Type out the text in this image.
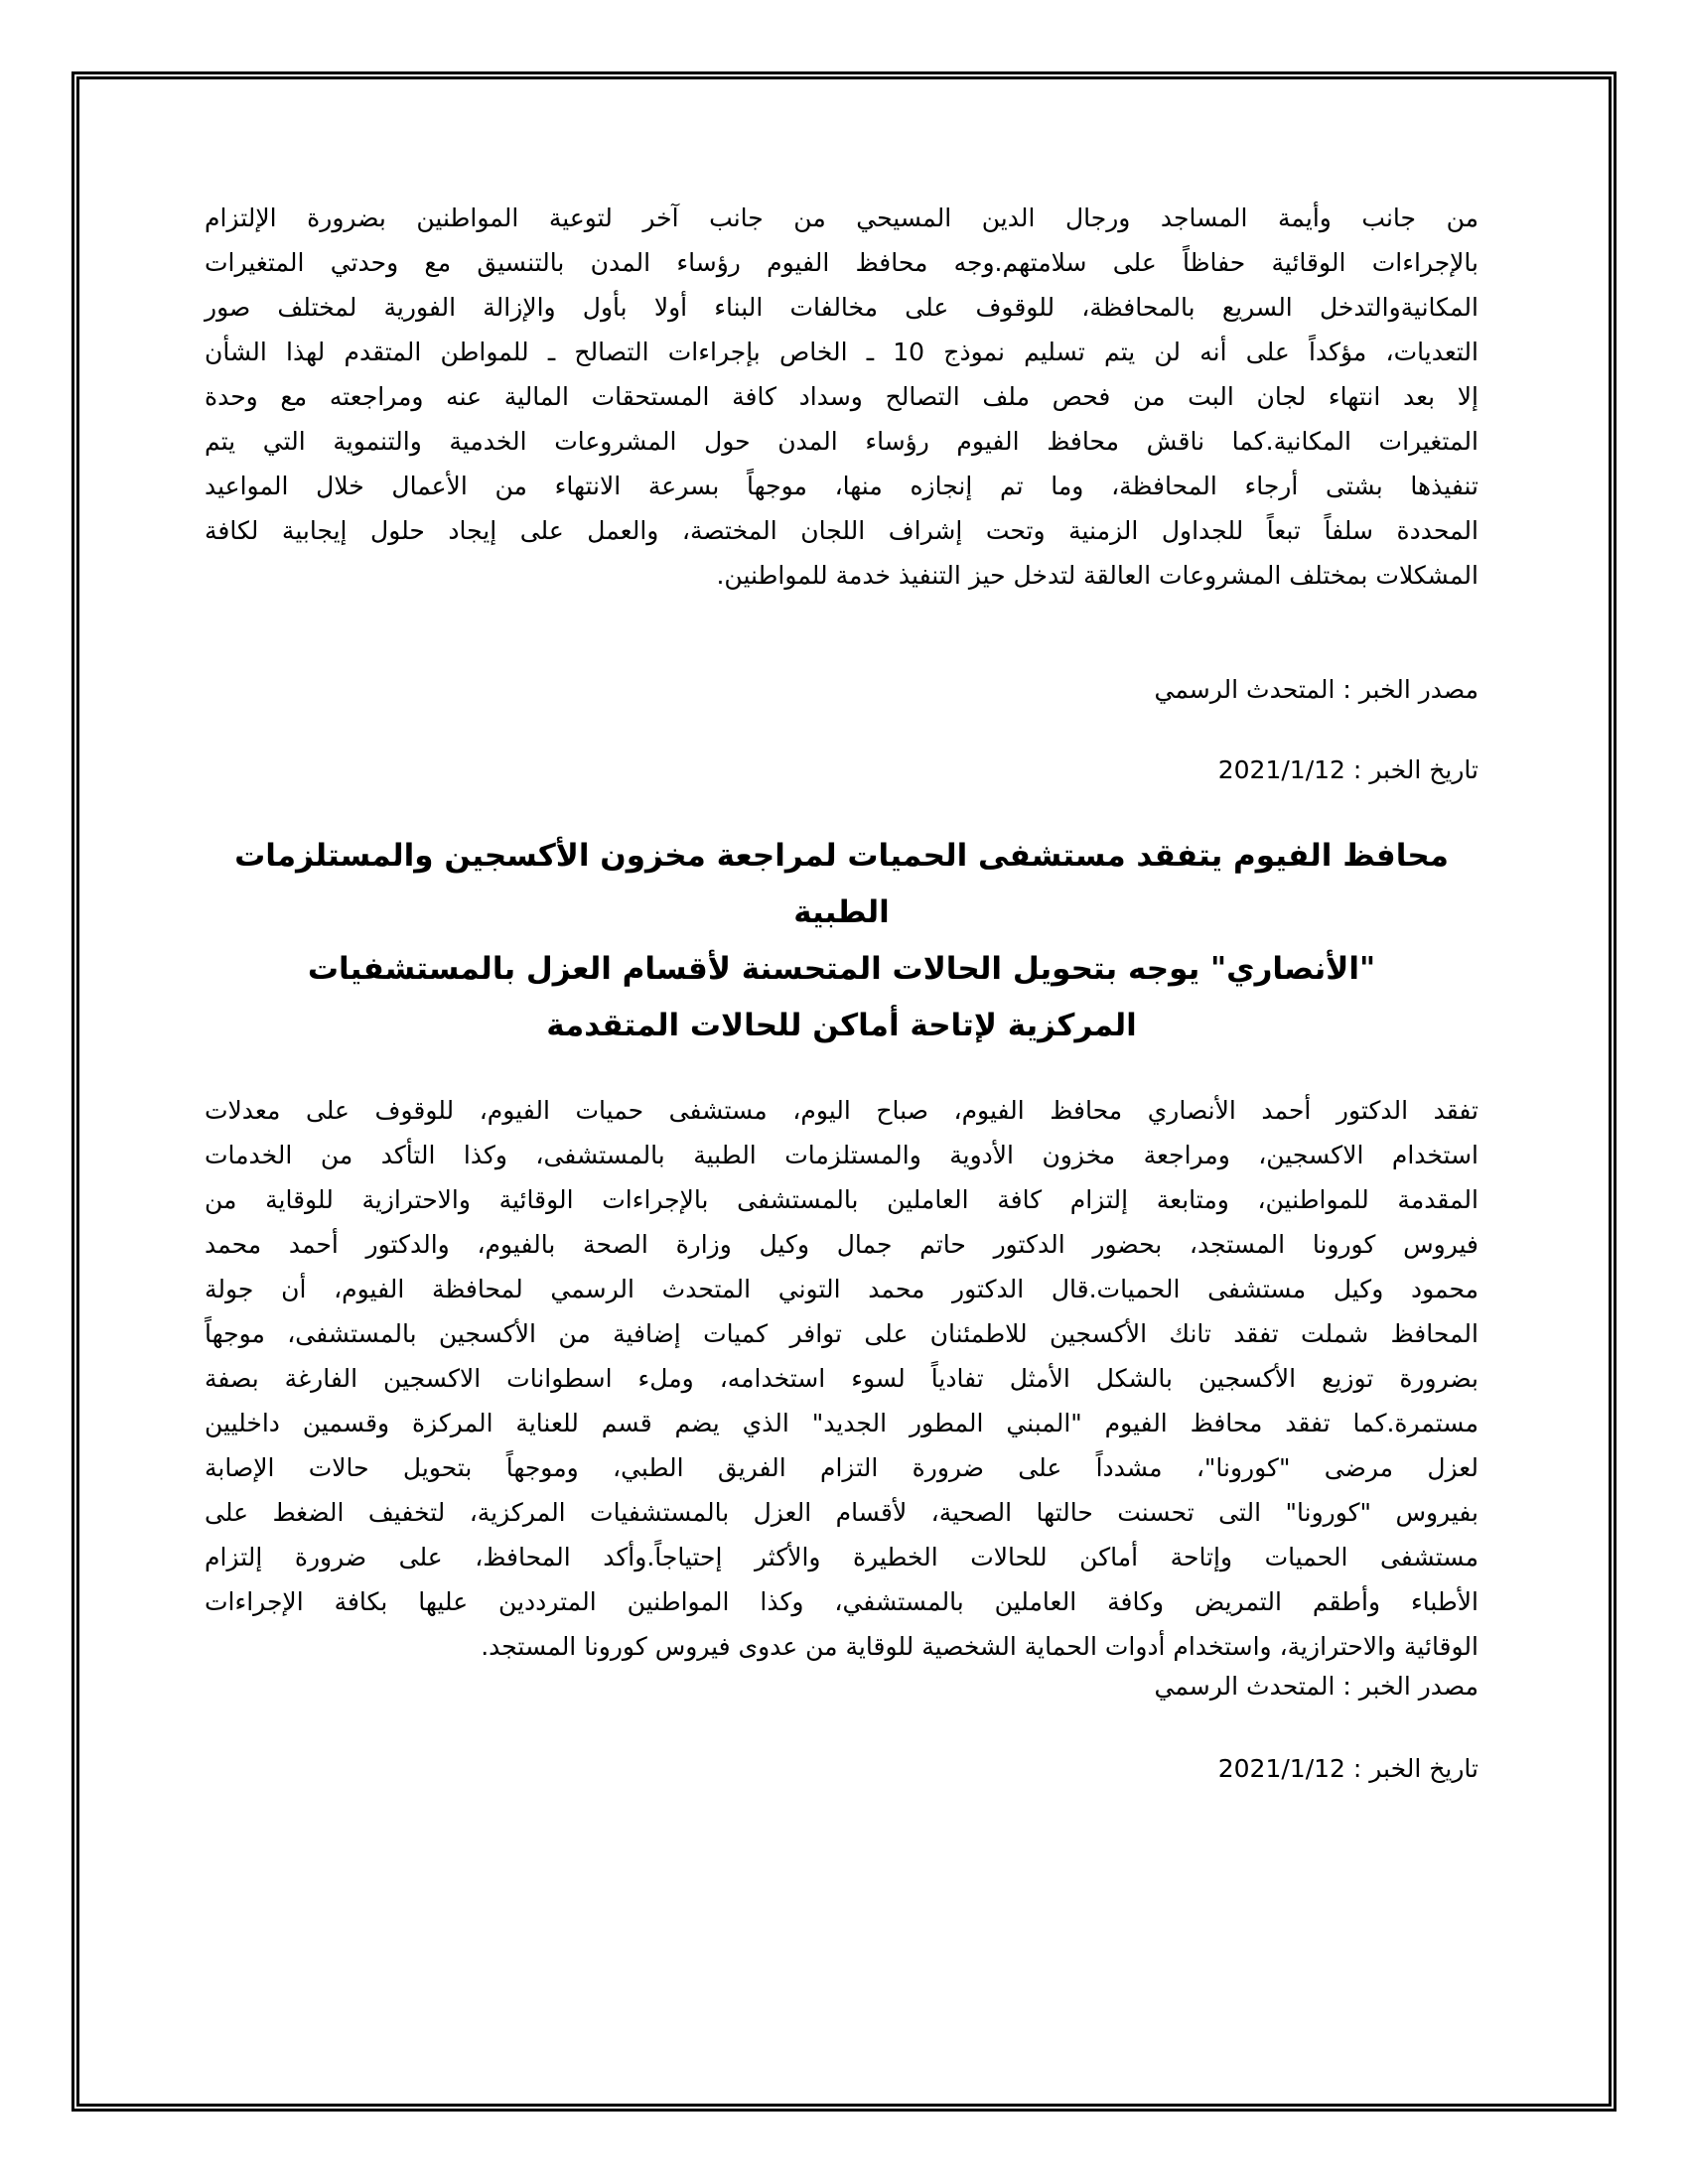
من جانب وأيمة المساجد ورجال الدين المسيحي من جانب آخر لتوعية المواطنين بضرورة الإلتزام
بالإجراءات الوقائية حفاظاً على سلامتهم.وجه محافظ الفيوم رؤساء المدن بالتنسيق مع وحدتي المتغيرات
المكانيةوالتدخل السريع بالمحافظة، للوقوف على مخالفات البناء أولا بأول والإزالة الفورية لمختلف صور
التعديات، مؤكداً على أنه لن يتم تسليم نموذج 10 ـ الخاص بإجراءات التصالح ـ للمواطن المتقدم لهذا الشأن
إلا بعد انتهاء لجان البت من فحص ملف التصالح وسداد كافة المستحقات المالية عنه ومراجعته مع وحدة
المتغيرات المكانية.كما ناقش محافظ الفيوم رؤساء المدن حول المشروعات الخدمية والتنموية التي يتم
تنفيذها بشتى أرجاء المحافظة، وما تم إنجازه منها، موجهاً بسرعة الانتهاء من الأعمال خلال المواعيد
المحددة سلفاً تبعاً للجداول الزمنية وتحت إشراف اللجان المختصة، والعمل على إيجاد حلول إيجابية لكافة
المشكلات بمختلف المشروعات العالقة لتدخل حيز التنفيذ خدمة للمواطنين.
مصدر الخبر : المتحدث الرسمي
تاريخ الخبر : 2021/1/12
محافظ الفيوم يتفقد مستشفى الحميات لمراجعة مخزون الأكسجين والمستلزمات
الطبية
"الأنصاري" يوجه بتحويل الحالات المتحسنة لأقسام العزل بالمستشفيات
المركزية لإتاحة أماكن للحالات المتقدمة
تفقد الدكتور أحمد الأنصاري محافظ الفيوم، صباح اليوم، مستشفى حميات الفيوم، للوقوف على معدلات
استخدام الاكسجين، ومراجعة مخزون الأدوية والمستلزمات الطبية بالمستشفى، وكذا التأكد من الخدمات
المقدمة للمواطنين، ومتابعة إلتزام كافة العاملين بالمستشفى بالإجراءات الوقائية والاحترازية للوقاية من
فيروس كورونا المستجد، بحضور الدكتور حاتم جمال وكيل وزارة الصحة بالفيوم، والدكتور أحمد محمد
محمود وكيل مستشفى الحميات.قال الدكتور محمد التوني المتحدث الرسمي لمحافظة الفيوم، أن جولة
المحافظ شملت تفقد تانك الأكسجين للاطمئنان على توافر كميات إضافية من الأكسجين بالمستشفى، موجهاً
بضرورة توزيع الأكسجين بالشكل الأمثل تفادياً لسوء استخدامه، وملء اسطوانات الاكسجين الفارغة بصفة
مستمرة.كما تفقد محافظ الفيوم "المبني المطور الجديد" الذي يضم قسم للعناية المركزة وقسمين داخليين
لعزل مرضى "كورونا"، مشدداً على ضرورة التزام الفريق الطبي، وموجهاً بتحويل حالات الإصابة
بفيروس "كورونا" التى تحسنت حالتها الصحية، لأقسام العزل بالمستشفيات المركزية، لتخفيف الضغط على
مستشفى الحميات وإتاحة أماكن للحالات الخطيرة والأكثر إحتياجاً.وأكد المحافظ، على ضرورة إلتزام
الأطباء وأطقم التمريض وكافة العاملين بالمستشفي، وكذا المواطنين المترددين عليها بكافة الإجراءات
الوقائية والاحترازية، واستخدام أدوات الحماية الشخصية للوقاية من عدوى فيروس كورونا المستجد.
مصدر الخبر : المتحدث الرسمي
تاريخ الخبر : 2021/1/12
